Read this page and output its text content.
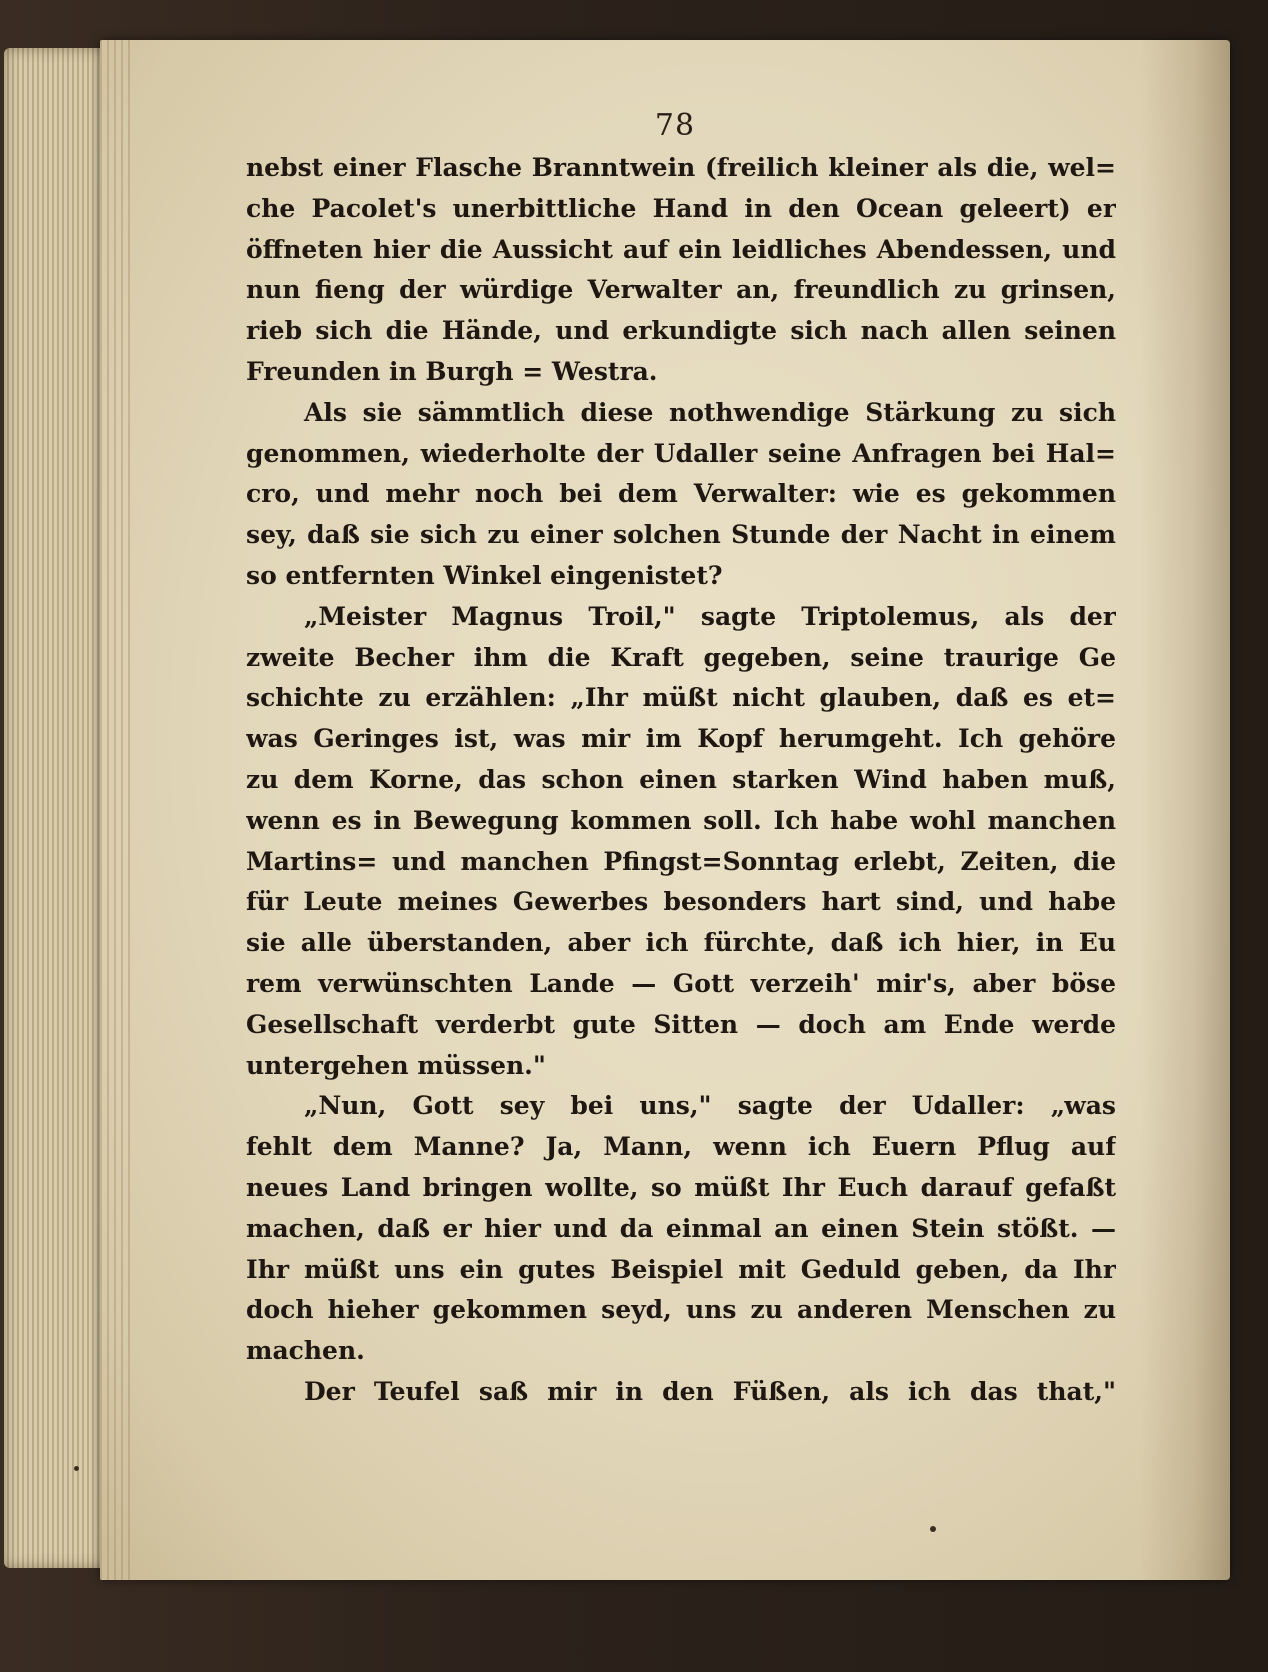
78
nebst einer Flasche Branntwein (freilich kleiner als die, wel=
che Pacolet's unerbittliche Hand in den Ocean geleert) er
öffneten hier die Aussicht auf ein leidliches Abendessen, und
nun fieng der würdige Verwalter an, freundlich zu grinsen,
rieb sich die Hände, und erkundigte sich nach allen seinen
Freunden in Burgh = Westra.
Als sie sämmtlich diese nothwendige Stärkung zu sich
genommen, wiederholte der Udaller seine Anfragen bei Hal=
cro, und mehr noch bei dem Verwalter: wie es gekommen
sey, daß sie sich zu einer solchen Stunde der Nacht in einem
so entfernten Winkel eingenistet?
„Meister Magnus Troil," sagte Triptolemus, als der
zweite Becher ihm die Kraft gegeben, seine traurige Ge
schichte zu erzählen: „Ihr müßt nicht glauben, daß es et=
was Geringes ist, was mir im Kopf herumgeht. Ich gehöre
zu dem Korne, das schon einen starken Wind haben muß,
wenn es in Bewegung kommen soll. Ich habe wohl manchen
Martins= und manchen Pfingst=Sonntag erlebt, Zeiten, die
für Leute meines Gewerbes besonders hart sind, und habe
sie alle überstanden, aber ich fürchte, daß ich hier, in Eu
rem verwünschten Lande — Gott verzeih' mir's, aber böse
Gesellschaft verderbt gute Sitten — doch am Ende werde
untergehen müssen."
„Nun, Gott sey bei uns," sagte der Udaller: „was
fehlt dem Manne? Ja, Mann, wenn ich Euern Pflug auf
neues Land bringen wollte, so müßt Ihr Euch darauf gefaßt
machen, daß er hier und da einmal an einen Stein stößt. —
Ihr müßt uns ein gutes Beispiel mit Geduld geben, da Ihr
doch hieher gekommen seyd, uns zu anderen Menschen zu
machen.
Der Teufel saß mir in den Füßen, als ich das that,"
